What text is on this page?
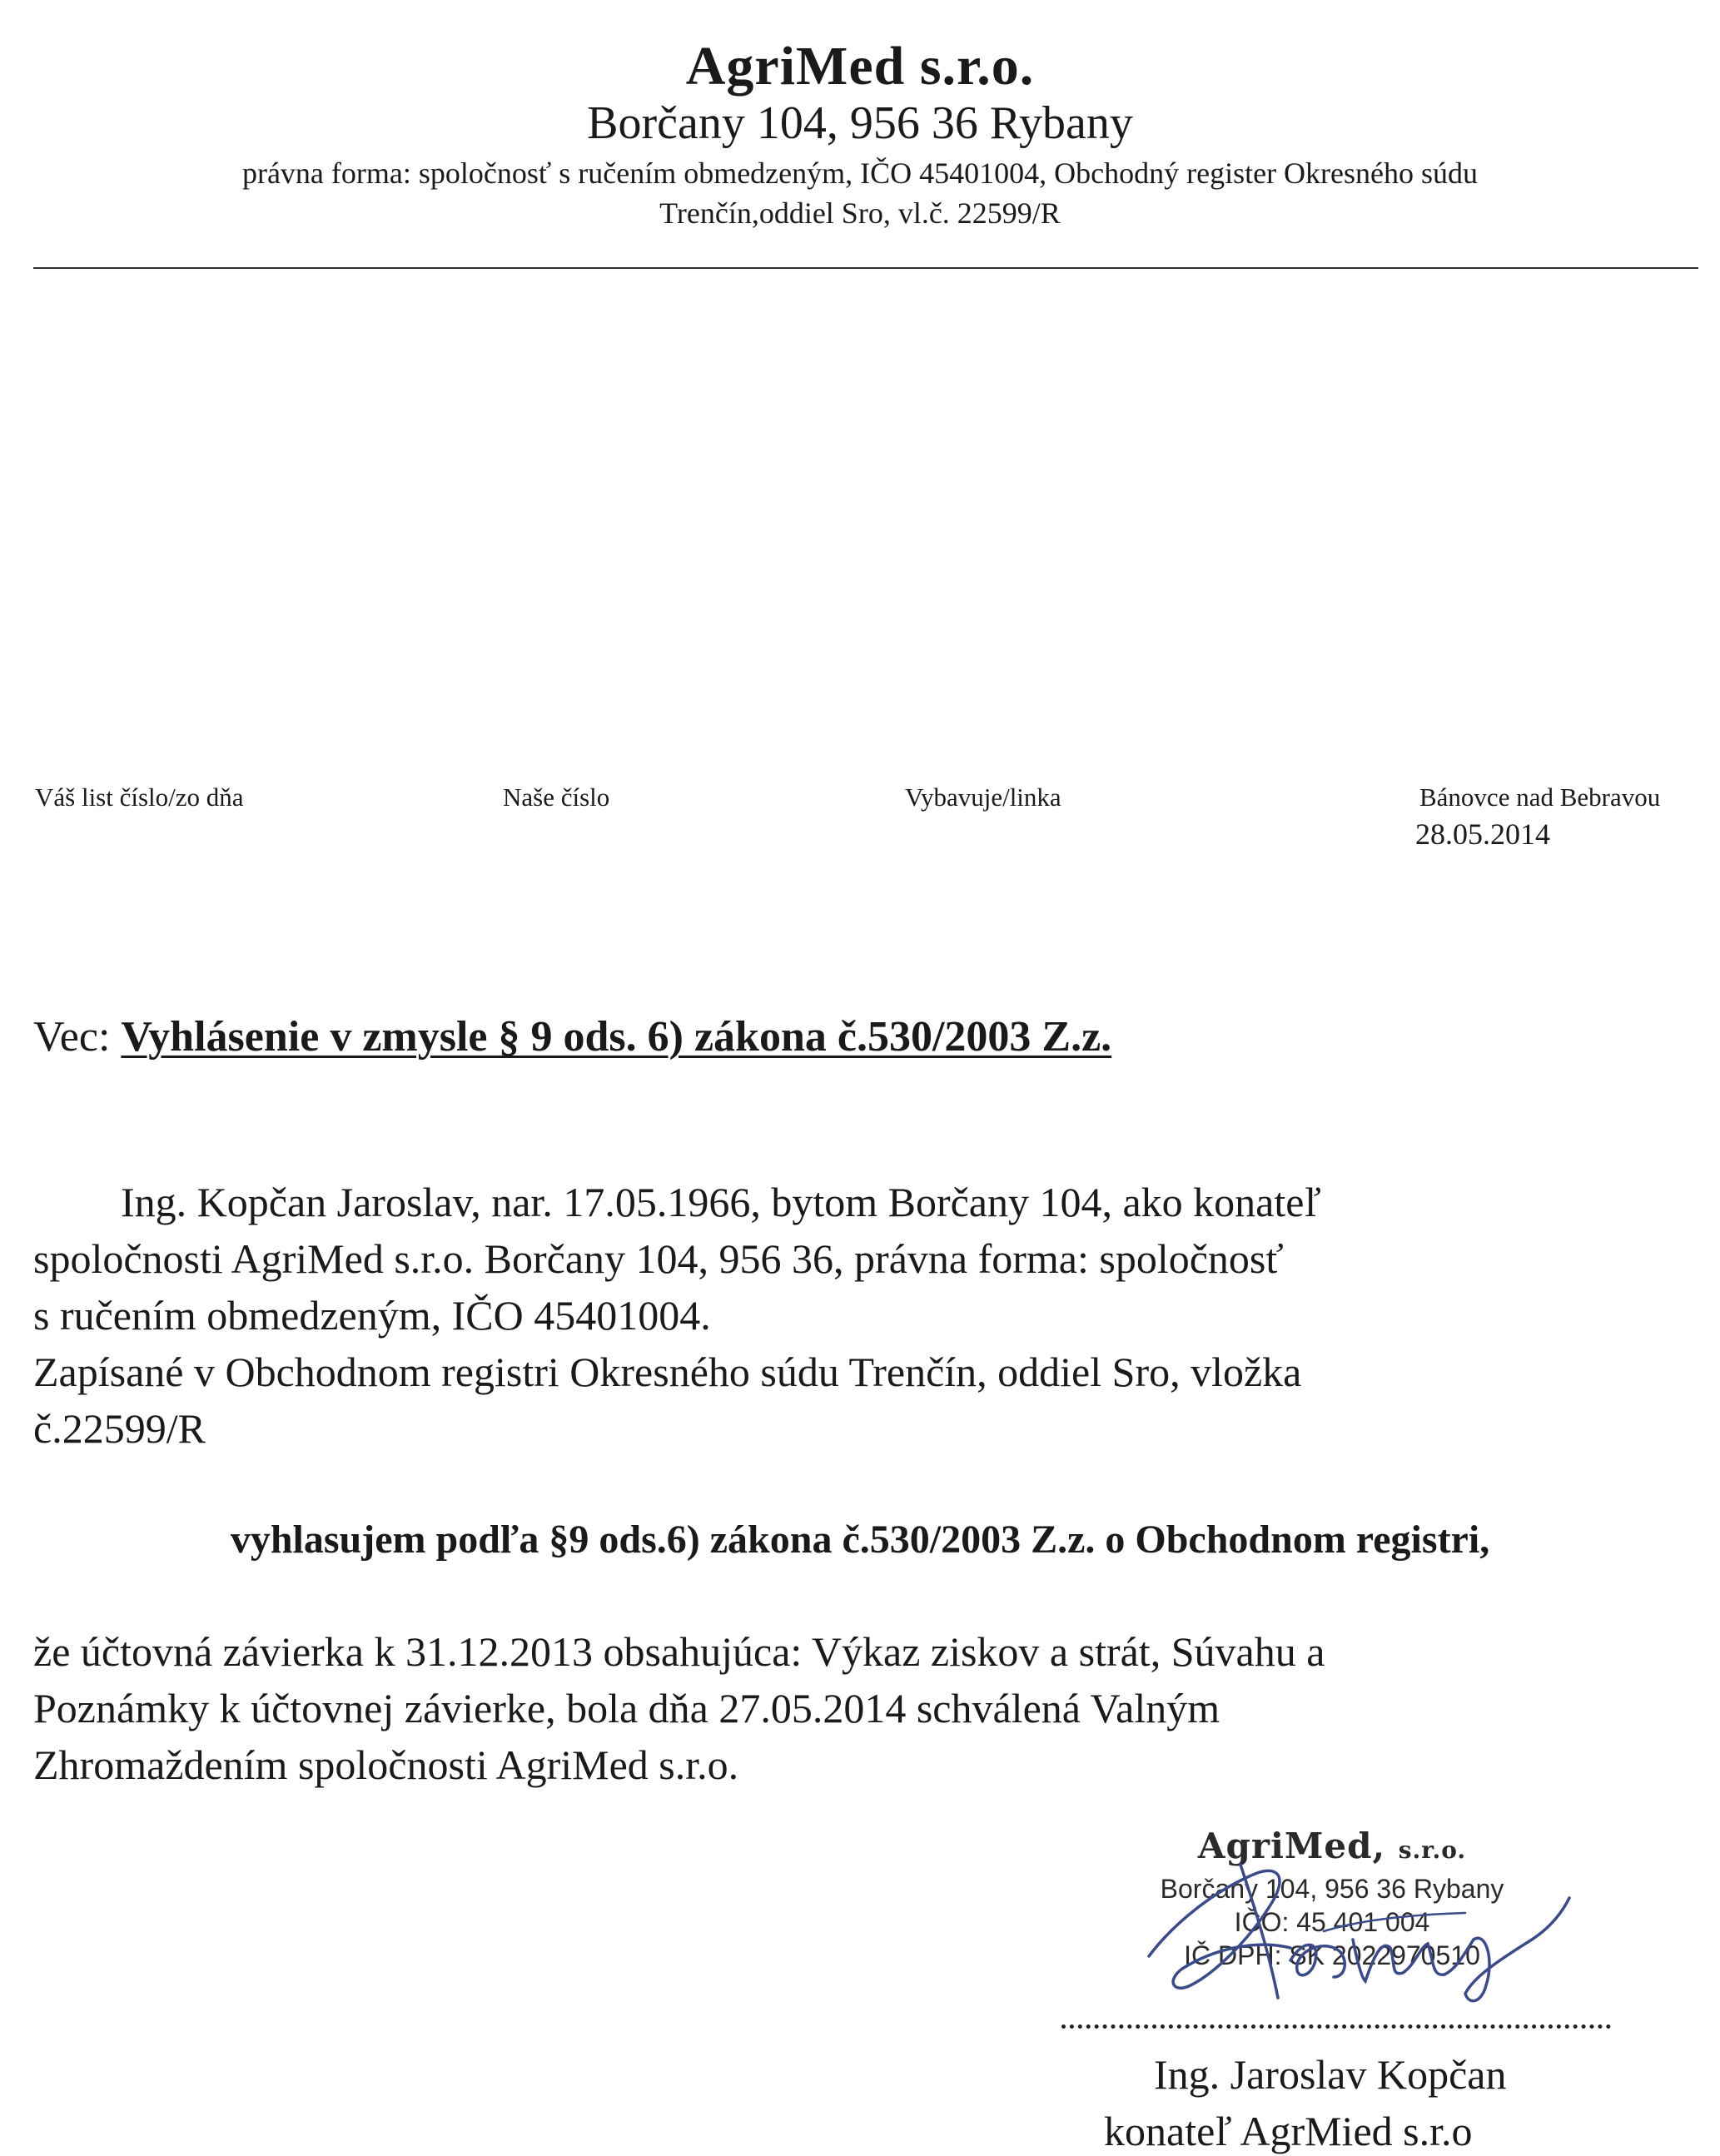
AgriMed s.r.o.
Borčany 104, 956 36 Rybany
právna forma: spoločnosť s ručením obmedzeným, IČO 45401004, Obchodný register Okresného súdu
Trenčín,oddiel Sro, vl.č. 22599/R
Váš list číslo/zo dňa	Naše číslo	Vybavuje/linka	Bánovce nad Bebravou
28.05.2014
Vec: Vyhlásenie v zmysle § 9 ods. 6) zákona č.530/2003 Z.z.
Ing. Kopčan Jaroslav, nar. 17.05.1966, bytom Borčany 104, ako konateľ
spoločnosti AgriMed s.r.o. Borčany 104, 956 36, právna forma: spoločnosť
s ručením obmedzeným, IČO 45401004.
Zapísané v Obchodnom registri Okresného súdu Trenčín, oddiel Sro, vložka
č.22599/R
vyhlasujem podľa §9 ods.6) zákona č.530/2003 Z.z. o Obchodnom registri,
že účtovná závierka k 31.12.2013 obsahujúca: Výkaz ziskov a strát, Súvahu a
Poznámky k účtovnej závierke, bola dňa 27.05.2014 schválená Valným
Zhromaždením spoločnosti AgriMed s.r.o.
AgriMed, s.r.o.
Borčany 104, 956 36 Rybany
IČO: 45 401 004
IČ DPH: SK 2022970510
Ing. Jaroslav Kopčan
konateľ AgrMied s.r.o
